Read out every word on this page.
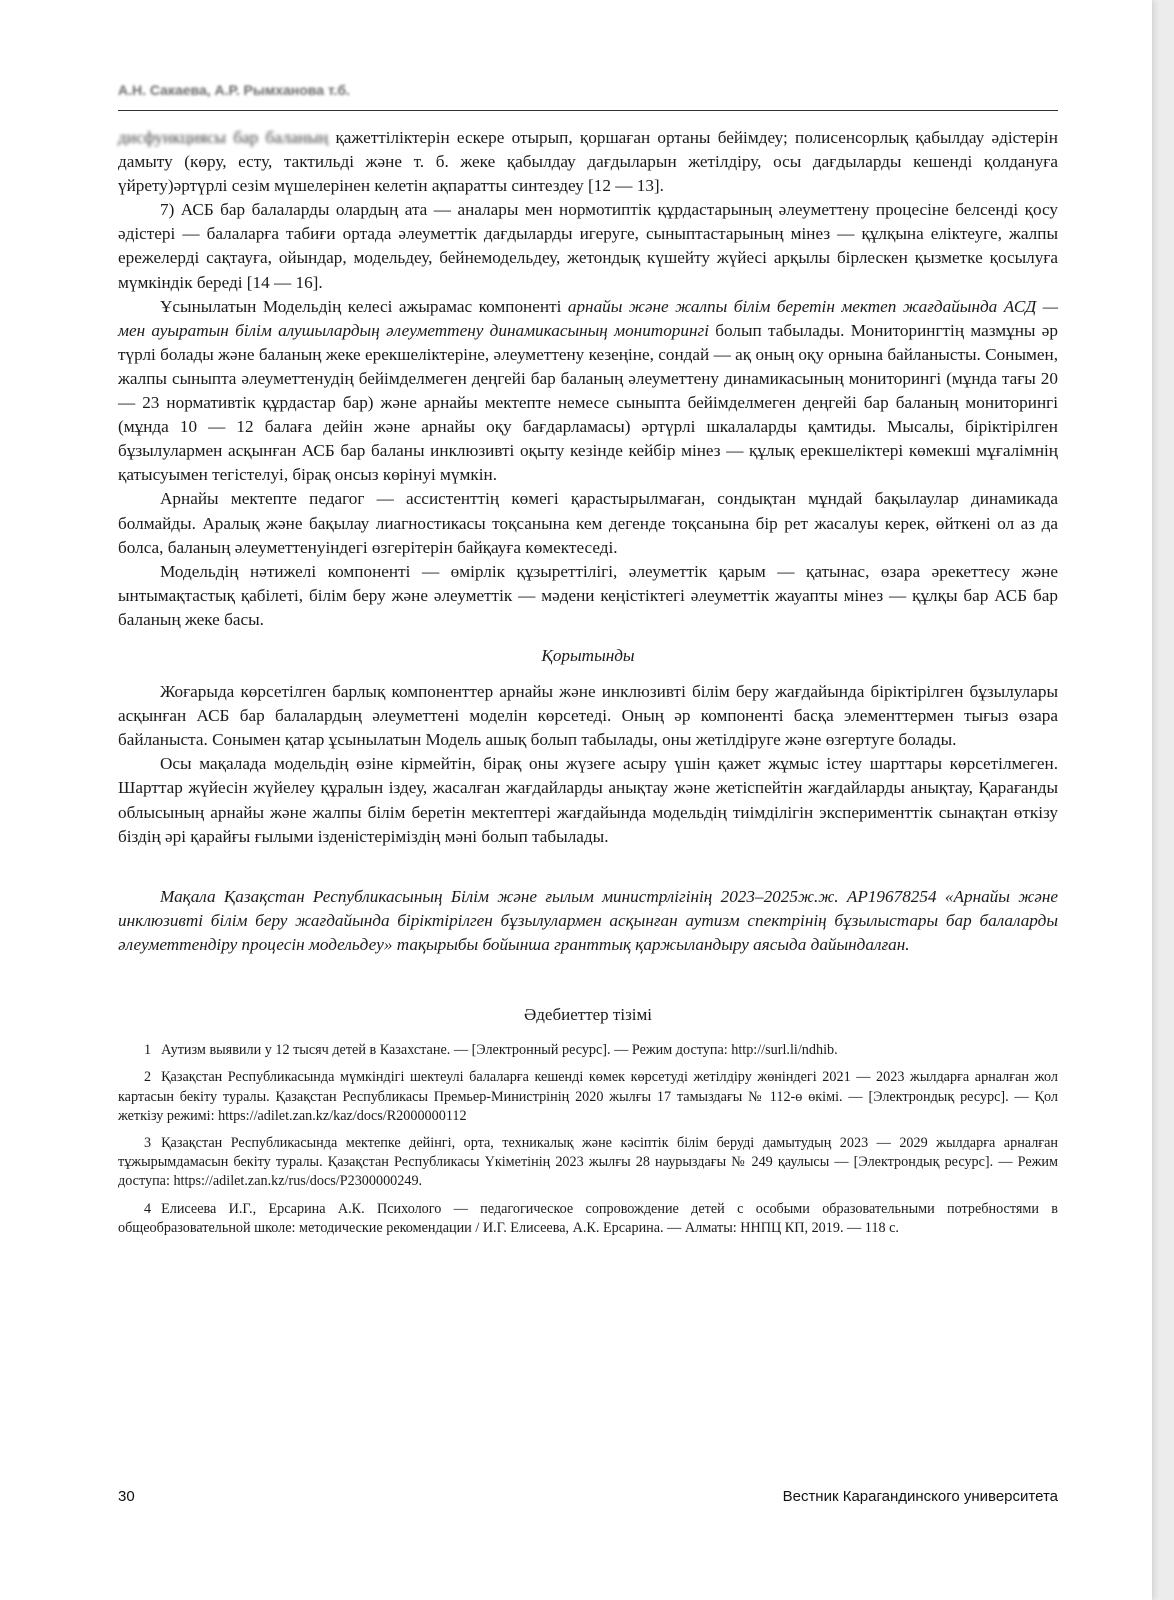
А.Н. Сакаева, А.Р. Рымханова т.б.

дисфункциясы бар баланың қажеттіліктерін ескере отырып, қоршаған ортаны бейімдеу; полисенсорлық қабылдау әдістерін дамыту (көру, есту, тактильді және т. б. жеке қабылдау дағдыларын жетілдіру, осы дағдыларды кешенді қолдануға үйрету)әртүрлі сезім мүшелерінен келетін ақпаратты синтездеу [12 — 13].

7) АСБ бар балаларды олардың ата — аналары мен нормотиптік құрдастарының әлеуметтену процесіне белсенді қосу әдістері — балаларға табиғи ортада әлеуметтік дағдыларды игеруге, сыныптастарының мінез — құлқына еліктеуге, жалпы ережелерді сақтауға, ойындар, модельдеу, бейнемодельдеу, жетондық күшейту жүйесі арқылы бірлескен қызметке қосылуға мүмкіндік береді [14 — 16].

Ұсынылатын Модельдің келесі ажырамас компоненті арнайы және жалпы білім беретін мектеп жағдайында АСД — мен ауыратын білім алушылардың әлеуметтену динамикасының мониторингі болып табылады. Мониторингтің мазмұны әр түрлі болады және баланың жеке ерекшеліктеріне, әлеуметтену кезеңіне, сондай — ақ оның оқу орнына байланысты. Сонымен, жалпы сыныпта әлеуметтенудің бейімделмеген деңгейі бар баланың әлеуметтену динамикасының мониторингі (мұнда тағы 20 — 23 нормативтік құрдастар бар) және арнайы мектепте немесе сыныпта бейімделмеген деңгейі бар баланың мониторингі (мұнда 10 — 12 балаға дейін және арнайы оқу бағдарламасы) әртүрлі шкалаларды қамтиды. Мысалы, біріктірілген бұзылулармен асқынған АСБ бар баланы инклюзивті оқыту кезінде кейбір мінез — құлық ерекшеліктері көмекші мұғалімнің қатысуымен тегістелуі, бірақ онсыз көрінуі мүмкін.

Арнайы мектепте педагог — ассистенттің көмегі қарастырылмаған, сондықтан мұндай бақылаулар динамикада болмайды. Аралық және бақылау лиагностикасы тоқсанына кем дегенде тоқсанына бір рет жасалуы керек, өйткені ол аз да болса, баланың әлеуметтенуіндегі өзгерітерін байқауға көмектеседі.

Модельдің нәтижелі компоненті — өмірлік құзыреттілігі, әлеуметтік қарым — қатынас, өзара әрекеттесу және ынтымақтастық қабілеті, білім беру және әлеуметтік — мәдени кеңістіктегі әлеуметтік жауапты мінез — құлқы бар АСБ бар баланың жеке басы.

Қорытынды

Жоғарыда көрсетілген барлық компоненттер арнайы және инклюзивті білім беру жағдайында біріктірілген бұзылулары асқынған АСБ бар балалардың әлеуметтені моделін көрсетеді. Оның әр компоненті басқа элементтермен тығыз өзара байланыста. Сонымен қатар ұсынылатын Модель ашық болып табылады, оны жетілдіруге және өзгертуге болады.

Осы мақалада модельдің өзіне кірмейтін, бірақ оны жүзеге асыру үшін қажет жұмыс істеу шарттары көрсетілмеген. Шарттар жүйесін жүйелеу құралын іздеу, жасалған жағдайларды анықтау және жетіспейтін жағдайларды анықтау, Қарағанды облысының арнайы және жалпы білім беретін мектептері жағдайында модельдің тиімділігін эксперименттік сынақтан өткізу біздің әрі қарайғы ғылыми ізденістеріміздің мәні болып табылады.

Мақала Қазақстан Республикасының Білім және ғылым министрлігінің 2023–2025ж.ж. AP19678254 «Арнайы және инклюзивті білім беру жағдайында біріктірілген бұзылулармен асқынған аутизм спектрінің бұзылыстары бар балаларды әлеуметтендіру процесін модельдеу» тақырыбы бойынша гранттық қаржыландыру аясыда дайындалған.

Әдебиеттер тізімі

1 Аутизм выявили у 12 тысяч детей в Казахстане. — [Электронный ресурс]. — Режим доступа: http://surl.li/ndhib.

2 Қазақстан Республикасында мүмкіндігі шектеулі балаларға кешенді көмек көрсетуді жетілдіру жөніндегі 2021 — 2023 жылдарға арналған жол картасын бекіту туралы. Қазақстан Республикасы Премьер-Министрінің 2020 жылғы 17 тамыздағы № 112-ө өкімі. — [Электрондық ресурс]. — Қол жеткізу режимі: https://adilet.zan.kz/kaz/docs/R2000000112

3 Қазақстан Республикасында мектепке дейінгі, орта, техникалық және кәсіптік білім беруді дамытудың 2023 — 2029 жылдарға арналған тұжырымдамасын бекіту туралы. Қазақстан Республикасы Үкіметінің 2023 жылғы 28 наурыздағы № 249 қаулысы — [Электрондық ресурс]. — Режим доступа: https://adilet.zan.kz/rus/docs/P2300000249.

4 Елисеева И.Г., Ерсарина А.К. Психолого — педагогическое сопровождение детей с особыми образовательными потребностями в общеобразовательной школе: методические рекомендации / И.Г. Елисеева, А.К. Ерсарина. — Алматы: ННПЦ КП, 2019. — 118 с.

30	Вестник Карагандинского университета
